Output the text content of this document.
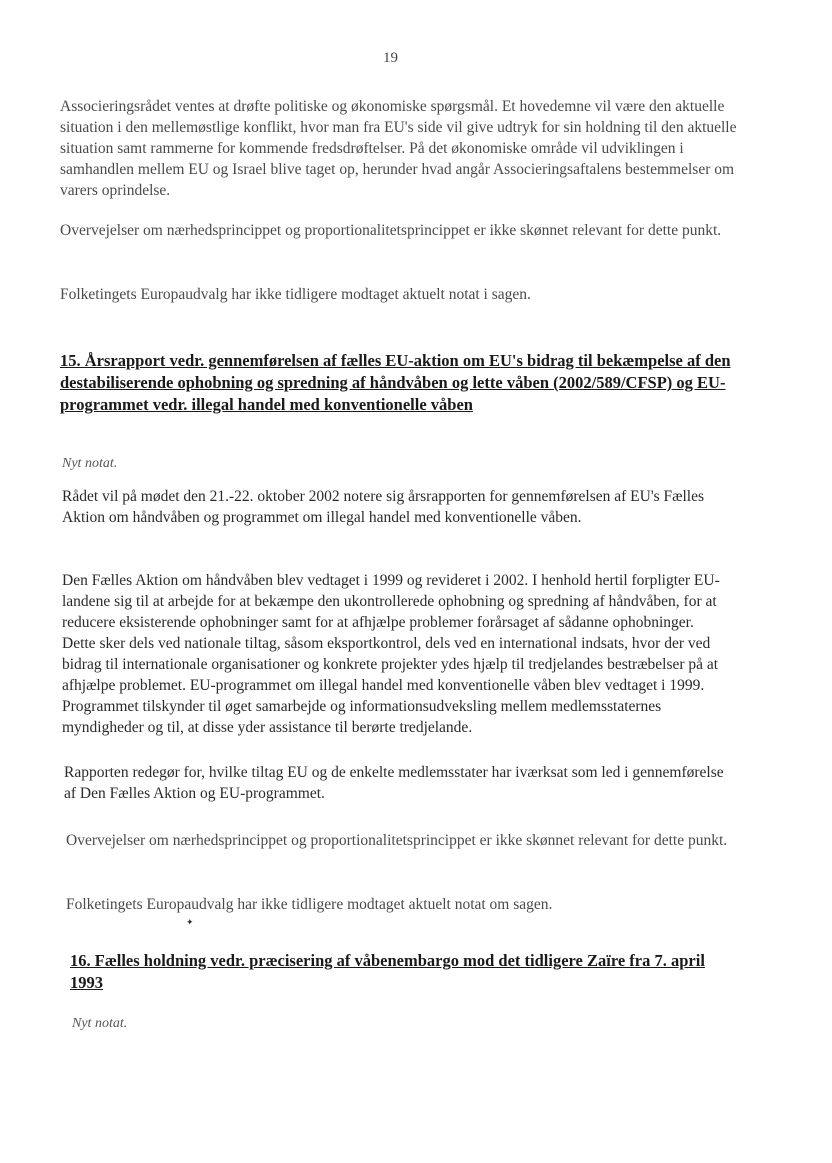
19

Associeringsrådet ventes at drøfte politiske og økonomiske spørgsmål. Et hovedemne vil være den aktuelle situation i den mellemøstlige konflikt, hvor man fra EU's side vil give udtryk for sin holdning til den aktuelle situation samt rammerne for kommende fredsdrøftelser. På det økonomiske område vil udviklingen i samhandlen mellem EU og Israel blive taget op, herunder hvad angår Associeringsaftalens bestemmelser om varers oprindelse.

Overvejelser om nærhedsprincippet og proportionalitetsprincippet er ikke skønnet relevant for dette punkt.

Folketingets Europaudvalg har ikke tidligere modtaget aktuelt notat i sagen.

15. Årsrapport vedr. gennemførelsen af fælles EU-aktion om EU's bidrag til bekæmpelse af den destabiliserende ophobning og spredning af håndvåben og lette våben (2002/589/CFSP) og EU-programmet vedr. illegal handel med konventionelle våben

Nyt notat.

Rådet vil på mødet den 21.-22. oktober 2002 notere sig årsrapporten for gennemførelsen af EU's Fælles Aktion om håndvåben og programmet om illegal handel med konventionelle våben.

Den Fælles Aktion om håndvåben blev vedtaget i 1999 og revideret i 2002. I henhold hertil forpligter EU-landene sig til at arbejde for at bekæmpe den ukontrollerede ophobning og spredning af håndvåben, for at reducere eksisterende ophobninger samt for at afhjælpe problemer forårsaget af sådanne ophobninger. Dette sker dels ved nationale tiltag, såsom eksportkontrol, dels ved en international indsats, hvor der ved bidrag til internationale organisationer og konkrete projekter ydes hjælp til tredjelandes bestræbelser på at afhjælpe problemet. EU-programmet om illegal handel med konventionelle våben blev vedtaget i 1999. Programmet tilskynder til øget samarbejde og informationsudveksling mellem medlemsstaternes myndigheder og til, at disse yder assistance til berørte tredjelande.

Rapporten redegør for, hvilke tiltag EU og de enkelte medlemsstater har iværksat som led i gennemførelse af Den Fælles Aktion og EU-programmet.

Overvejelser om nærhedsprincippet og proportionalitetsprincippet er ikke skønnet relevant for dette punkt.

Folketingets Europaudvalg har ikke tidligere modtaget aktuelt notat om sagen.

✦
16. Fælles holdning vedr. præcisering af våbenembargo mod det tidligere Zaïre fra 7. april 1993

Nyt notat.
